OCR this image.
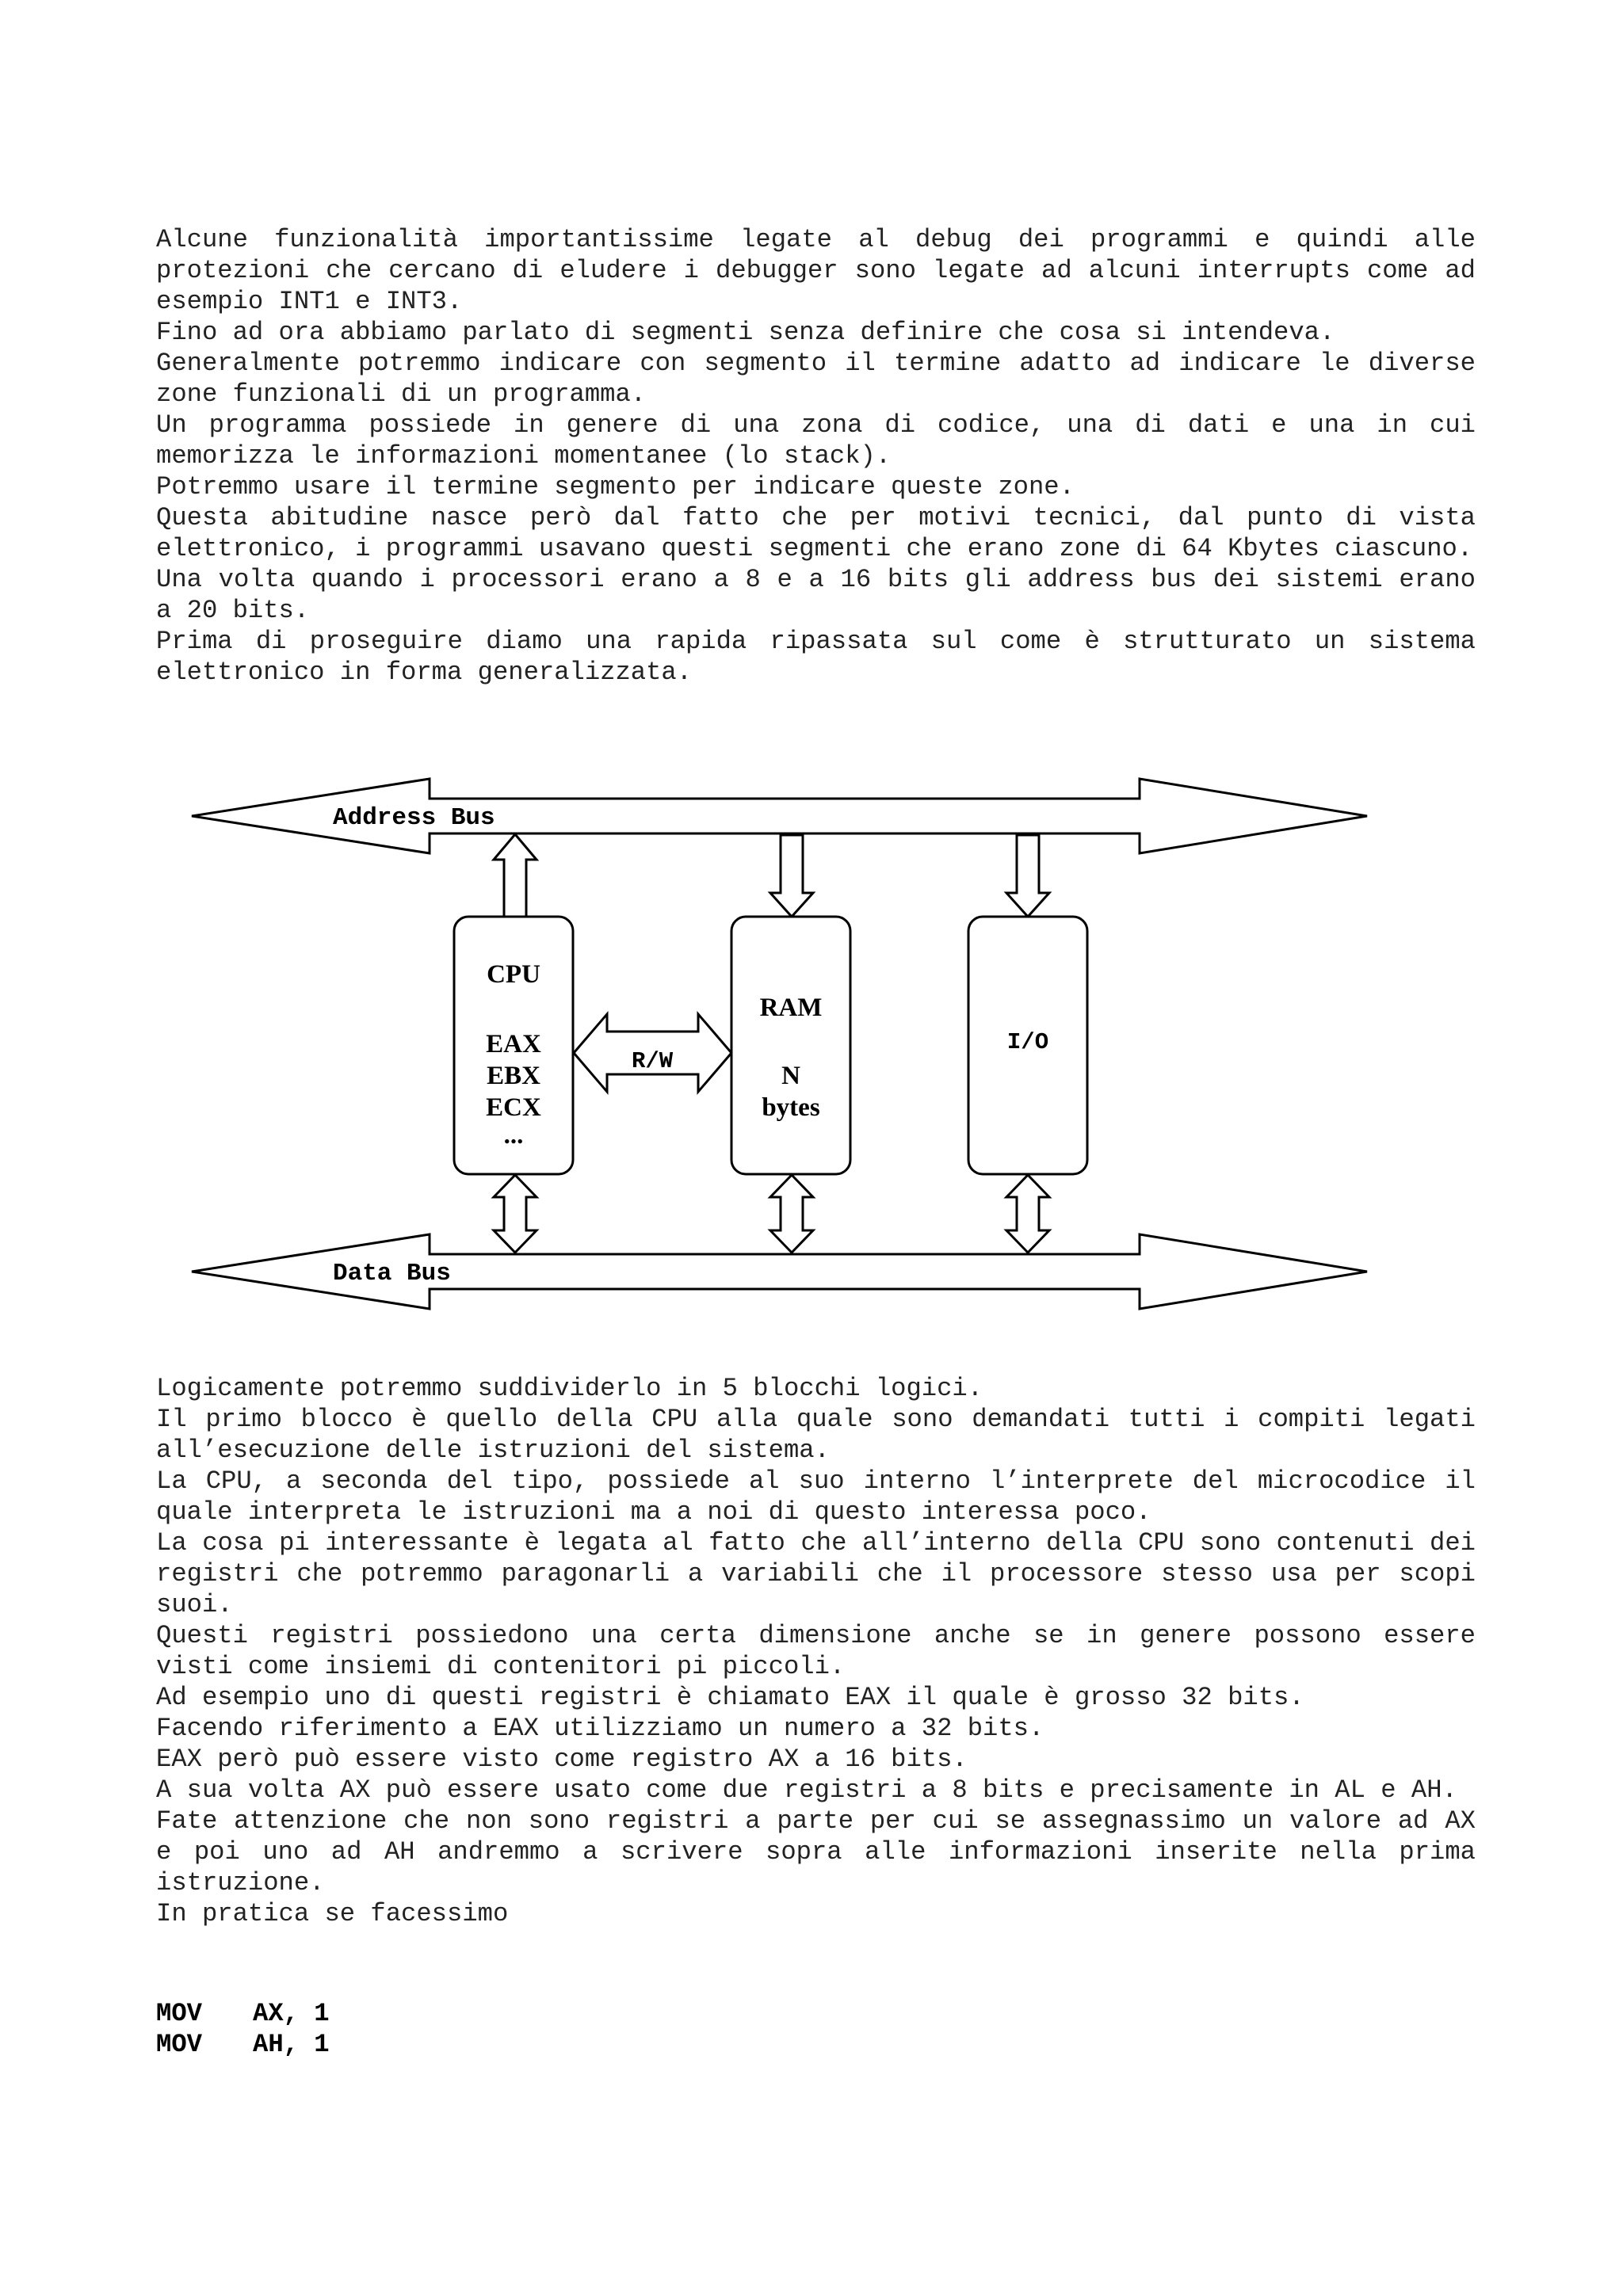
Alcune funzionalità importantissime legate al debug dei programmi e quindi alle protezioni che cercano di eludere i debugger sono legate ad alcuni interrupts come ad esempio INT1 e INT3.

Fino ad ora abbiamo parlato di segmenti senza definire che cosa si intendeva.

Generalmente potremmo indicare con segmento il termine adatto ad indicare le diverse zone funzionali di un programma.

Un programma possiede in genere di una zona di codice, una di dati e una in cui memorizza le informazioni momentanee (lo stack).

Potremmo usare il termine segmento per indicare queste zone.

Questa abitudine nasce però dal fatto che per motivi tecnici, dal punto di vista elettronico, i programmi usavano questi segmenti che erano zone di 64 Kbytes ciascuno.

Una volta quando i processori erano a 8 e a 16 bits gli address bus dei sistemi erano a 20 bits.

Prima di proseguire diamo una rapida ripassata sul come è strutturato un sistema elettronico in forma generalizzata.

Address Bus
Data Bus
CPU
EAX
EBX
ECX
...
R/W
RAM
N
bytes
I/O

Logicamente potremmo suddividerlo in 5 blocchi logici.

Il primo blocco è quello della CPU alla quale sono demandati tutti i compiti legati all’esecuzione delle istruzioni del sistema.

La CPU, a seconda del tipo, possiede al suo interno l’interprete del microcodice il quale interpreta le istruzioni ma a noi di questo interessa poco.

La cosa pi interessante è legata al fatto che all’interno della CPU sono contenuti dei registri che potremmo paragonarli a variabili che il processore stesso usa per scopi suoi.

Questi registri possiedono una certa dimensione anche se in genere possono essere visti come insiemi di contenitori pi piccoli.

Ad esempio uno di questi registri è chiamato EAX il quale è grosso 32 bits.

Facendo riferimento a EAX utilizziamo un numero a 32 bits.

EAX però può essere visto come registro AX a 16 bits.

A sua volta AX può essere usato come due registri a 8 bits e precisamente in AL e AH.

Fate attenzione che non sono registri a parte per cui se assegnassimo un valore ad AX e poi uno ad AH andremmo a scrivere sopra alle informazioni inserite nella prima istruzione.

In pratica se facessimo

MOV AX, 1
MOV AH, 1
